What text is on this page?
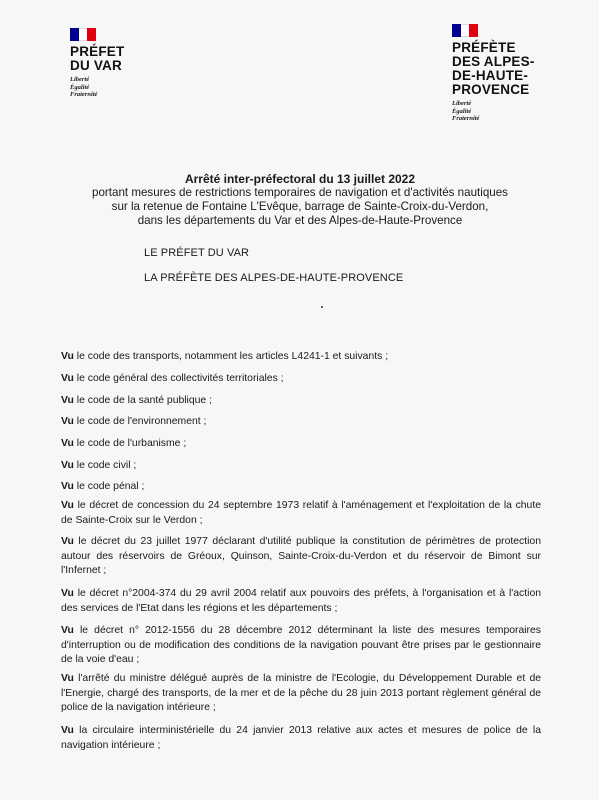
PRÉFET
DU VAR
Liberté
Égalité
Fraternité
PRÉFÈTE
DES ALPES-
DE-HAUTE-
PROVENCE
Liberté
Égalité
Fraternité
Arrêté inter-préfectoral du 13 juillet 2022
portant mesures de restrictions temporaires de navigation et d'activités nautiques
sur la retenue de Fontaine L'Evêque, barrage de Sainte-Croix-du-Verdon,
dans les départements du Var et des Alpes-de-Haute-Provence
LE PRÉFET DU VAR
LA PRÉFÈTE DES ALPES-DE-HAUTE-PROVENCE
Vu le code des transports, notamment les articles L4241-1 et suivants ;
Vu le code général des collectivités territoriales ;
Vu le code de la santé publique ;
Vu le code de l'environnement ;
Vu le code de l'urbanisme ;
Vu le code civil ;
Vu le code pénal ;
Vu le décret de concession du 24 septembre 1973 relatif à l'aménagement et l'exploitation de la chute de Sainte-Croix sur le Verdon ;
Vu le décret du 23 juillet 1977 déclarant d'utilité publique la constitution de périmètres de protection autour des réservoirs de Gréoux, Quinson, Sainte-Croix-du-Verdon et du réservoir de Bimont sur l'Infernet ;
Vu le décret n°2004-374 du 29 avril 2004 relatif aux pouvoirs des préfets, à l'organisation et à l'action des services de l'Etat dans les régions et les départements ;
Vu le décret n° 2012-1556 du 28 décembre 2012 déterminant la liste des mesures temporaires d'interruption ou de modification des conditions de la navigation pouvant être prises par le gestionnaire de la voie d'eau ;
Vu l'arrêté du ministre délégué auprès de la ministre de l'Ecologie, du Développement Durable et de l'Energie, chargé des transports, de la mer et de la pêche du 28 juin 2013 portant règlement général de police de la navigation intérieure ;
Vu la circulaire interministérielle du 24 janvier 2013 relative aux actes et mesures de police de la navigation intérieure ;
